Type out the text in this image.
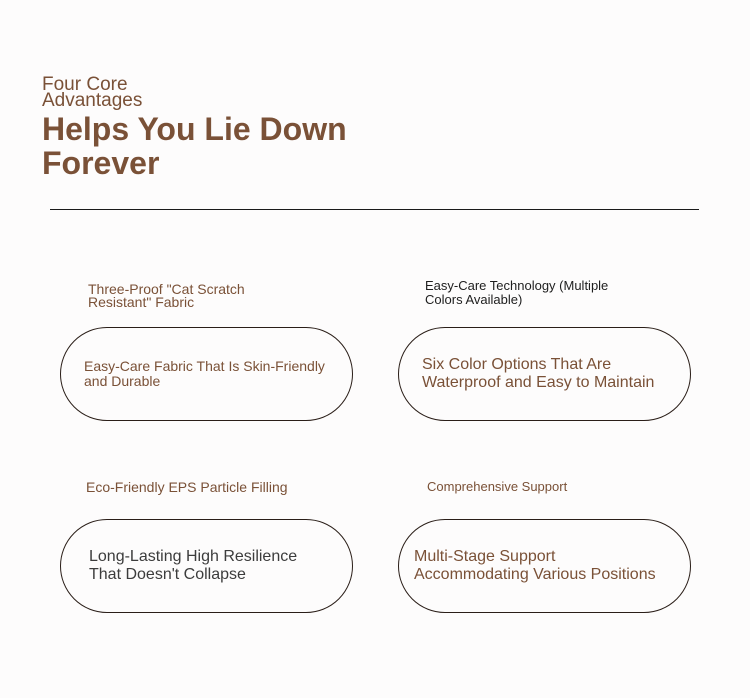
Four Core Advantages
Helps You Lie Down Forever

Three-Proof "Cat Scratch Resistant" Fabric

Easy-Care Fabric That Is Skin-Friendly and Durable

Easy-Care Technology (Multiple Colors Available)

Six Color Options That Are Waterproof and Easy to Maintain

Eco-Friendly EPS Particle Filling

Long-Lasting High Resilience That Doesn't Collapse

Comprehensive Support

Multi-Stage Support Accommodating Various Positions
